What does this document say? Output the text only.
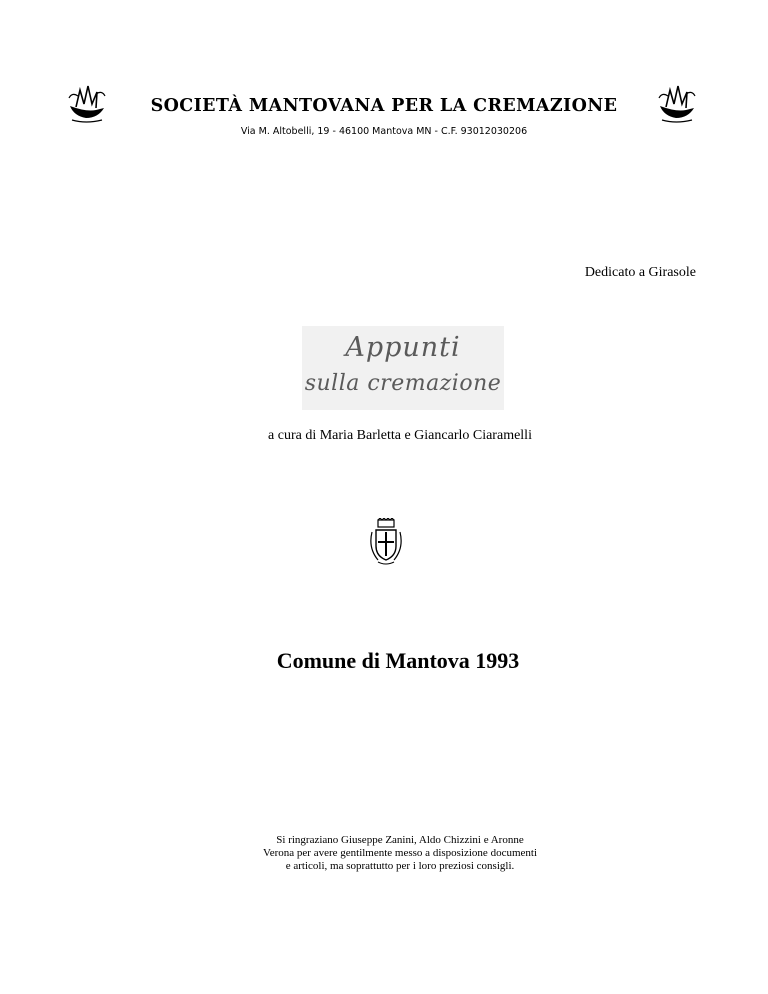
SOCIETÀ MANTOVANA PER LA CREMAZIONE
Via M. Altobelli, 19 - 46100 Mantova MN - C.F. 93012030206
Dedicato a Girasole
Appunti
sulla cremazione
a cura di Maria Barletta e Giancarlo Ciaramelli
Comune di Mantova 1993
Si ringraziano Giuseppe Zanini, Aldo Chizzini e Aronne
Verona per avere gentilmente messo a disposizione documenti
e articoli, ma soprattutto per i loro preziosi consigli.
